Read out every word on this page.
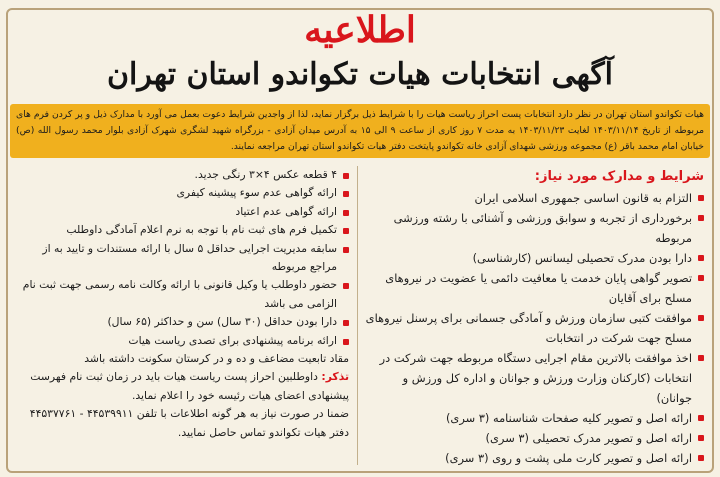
اطلاعیه
آگهی انتخابات هیات تکواندو استان تهران
هیات تکواندو استان تهران در نظر دارد انتخابات پست احراز ریاست هیات را با شرایط ذیل برگزار نماید، لذا از واجدین شرایط دعوت بعمل می آورد با مدارک ذیل و پر کردن فرم های مربوطه از تاریخ ۱۴۰۳/۱۱/۱۴ لغایت ۱۴۰۳/۱۱/۲۳ به مدت ۷ روز کاری از ساعت ۹ الی ۱۵ به آدرس میدان آزادی - بزرگراه شهید لشگری شهرک آزادی بلوار محمد رسول الله (ص) خیابان امام محمد باقر (ع) مجموعه ورزشی شهدای آزادی خانه تکواندو پایتخت دفتر هیات تکواندو استان تهران مراجعه نمایند.
شرایط و مدارک مورد نیاز:
التزام به قانون اساسی جمهوری اسلامی ایران
برخورداری از تجربه و سوابق ورزشی و آشنائی با رشته ورزشی مربوطه
دارا بودن مدرک تحصیلی لیسانس (کارشناسی)
تصویر گواهی پایان خدمت یا معافیت دائمی یا عضویت در نیروهای مسلح برای آقایان
موافقت کتبی سازمان ورزش و آمادگی جسمانی برای پرسنل نیروهای مسلح جهت شرکت در انتخابات
اخذ موافقت بالاترین مقام اجرایی دستگاه مربوطه جهت شرکت در انتخابات (کارکنان وزارت ورزش و جوانان و اداره کل ورزش و جوانان)
ارائه اصل و تصویر کلیه صفحات شناسنامه (۳ سری)
ارائه اصل و تصویر مدرک تحصیلی (۳ سری)
ارائه اصل و تصویر کارت ملی پشت و روی (۳ سری)
۴ قطعه عکس ۴×۳ رنگی جدید.
ارائه گواهی عدم سوء پیشینه کیفری
ارائه گواهی عدم اعتیاد
تکمیل فرم های ثبت نام با توجه به نرم اعلام آمادگی داوطلب
سابقه مدیریت اجرایی حداقل ۵ سال با ارائه مستندات و تایید به از مراجع مربوطه
حضور داوطلب یا وکیل قانونی با ارائه وکالت نامه رسمی جهت ثبت نام الزامی می باشد
دارا بودن حداقل (۳۰ سال) سن و حداکثر (۶۵ سال)
ارائه برنامه پیشنهادی برای تصدی ریاست هیات
مقاد تابعیت مضاعف و ده و در کرستان سکونت داشته باشد
تذکر: داوطلبین احراز پست ریاست هیات باید در زمان ثبت نام فهرست پیشنهادی اعضای هیات رئیسه خود را اعلام نماید.
ضمنا در صورت نیاز به هر گونه اطلاعات با تلفن ۴۴۵۳۹۹۱۱ - ۴۴۵۳۷۷۶۱ دفتر هیات تکواندو تماس حاصل نمایید.
